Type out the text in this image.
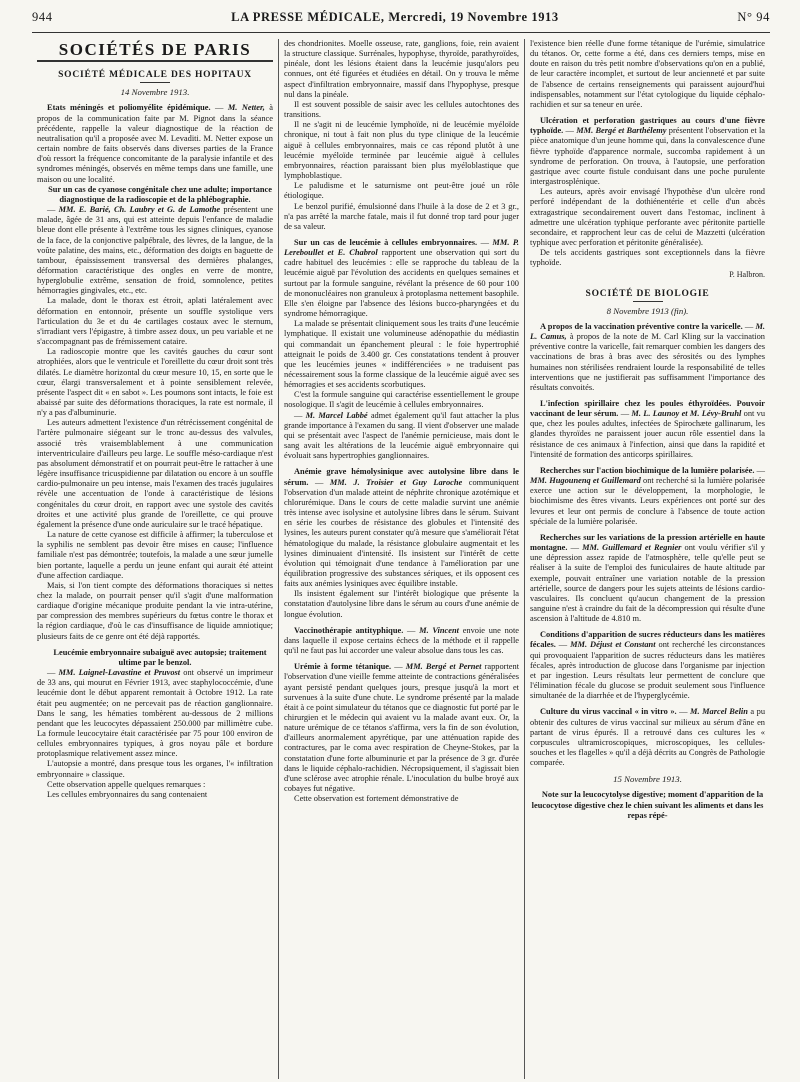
944	LA PRESSE MÉDICALE, Mercredi, 19 Novembre 1913	N° 94
SOCIÉTÉS DE PARIS
SOCIÉTÉ MÉDICALE DES HOPITAUX
14 Novembre 1913.

Etats méningés et poliomyélite épidémique. — M. Netter, à propos de la communication faite par M. Pignot dans la séance précédente, rappelle la valeur diagnostique de la réaction de neutralisation qu'il a proposée avec M. Levaditi. M. Netter expose un certain nombre de faits observés dans diverses parties de la France d'où ressort la fréquence concomitante de la paralysie infantile et des syndromes méningés, observés en même temps dans une famille, une maison ou une localité.

Sur un cas de cyanose congénitale chez une adulte; importance diagnostique de la radioscopie et de la phlébographie.

— MM. E. Barié, Ch. Laubry et G. de Lamothe présentent une malade, âgée de 31 ans, qui est atteinte depuis l'enfance de maladie bleue dont elle présente à l'extrême tous les signes cliniques, cyanose de la face, de la conjonctive palpébrale, des lèvres, de la langue, de la voûte palatine, des mains, etc., déformation des doigts en baguette de tambour, épaississement transversal des dernières phalanges, déformation caractéristique des ongles en verre de montre, hyperglobulie extrême, sensation de froid, somnolence, petites hémorragies gingivales, etc., etc.

La malade, dont le thorax est étroit, aplati latéralement avec déformation en entonnoir, présente un souffle systolique vers l'articulation du 3e et du 4e cartilages costaux avec le sternum, s'irradiant vers l'épigastre, à timbre assez doux, un peu variable et ne s'accompagnant pas de frémissement cataire.

La radioscopie montre que les cavités gauches du cœur sont atrophiées, alors que le ventricule et l'oreillette du cœur droit sont très dilatés. Le diamètre horizontal du cœur mesure 10, 15, en sorte que le cœur, élargi transversalement et à pointe sensiblement relevée, présente l'aspect dit « en sabot ». Les poumons sont intacts, le foie est abaissé par suite des déformations thoraciques, la rate est normale, il n'y a pas d'albuminurie.

Les auteurs admettent l'existence d'un rétrécissement congénital de l'artère pulmonaire siégeant sur le tronc au-dessus des valvules, associé très vraisemblablement à une communication interventriculaire d'ailleurs peu large. Le souffle méso-cardiaque n'est pas absolument démonstratif et on pourrait peut-être le rattacher à une légère insuffisance tricuspidienne par dilatation ou encore à un souffle cardio-pulmonaire un peu intense, mais l'examen des tracés jugulaires révèle une accentuation de l'onde à caractéristique de lésions congénitales du cœur droit, en rapport avec une systole des cavités droites et une activité plus grande de l'oreillette, ce qui prouve également la présence d'une onde auriculaire sur le tracé hépatique.

La nature de cette cyanose est difficile à affirmer; la tuberculose et la syphilis ne semblent pas devoir être mises en cause; l'influence familiale n'est pas démontrée; toutefois, la malade a une sœur jumelle bien portante, laquelle a perdu un jeune enfant qui aurait été atteint d'une affection cardiaque.

Mais, si l'on tient compte des déformations thoraciques si nettes chez la malade, on pourrait penser qu'il s'agit d'une malformation cardiaque d'origine mécanique produite pendant la vie intra-utérine, par compression des membres supérieurs du fœtus contre le thorax et la région cardiaque, d'où le cas d'insuffisance de liquide amniotique; plusieurs faits de ce genre ont été déjà rapportés.

Leucémie embryonnaire subaiguë avec autopsie; traitement ultime par le benzol.

— MM. Laignel-Lavastine et Pruvost ont observé un imprimeur de 33 ans, qui mourut en Février 1913, avec staphylococcémie, d'une leucémie dont le début apparent remontait à Octobre 1912. La rate était peu augmentée; on ne percevait pas de réaction ganglionnaire. Dans le sang, les hématies tombèrent au-dessous de 2 millions pendant que les leucocytes dépassaient 250.000 par millimètre cube. La formule leucocytaire était caractérisée par 75 pour 100 environ de cellules embryonnaires typiques, à gros noyau pâle et bordure protoplasmique relativement assez mince.

L'autopsie a montré, dans presque tous les organes, l'« infiltration embryonnaire » classique.

Cette observation appelle quelques remarques :

Les cellules embryonnaires du sang contenaient

des chondrionites. Moelle osseuse, rate, ganglions, foie, rein avaient la structure classique. Surrénales, hypophyse, thyroïde, parathyroïdes, pinéale, dont les lésions étaient dans la leucémie jusqu'alors peu connues, ont été figurées et étudiées en détail. On y trouva le même aspect d'infiltration embryonnaire, massif dans l'hypophyse, presque nul dans la pinéale.

Il est souvent possible de saisir avec les cellules autochtones des transitions.

Il ne s'agit ni de leucémie lymphoïde, ni de leucémie myéloïde chronique, ni tout à fait non plus du type clinique de la leucémie aiguë à cellules embryonnaires, mais ce cas répond plutôt à une leucémie myéloïde terminée par leucémie aiguë à cellules embryonnaires, réaction paraissant bien plus myéloblastique que lymphoblastique.

Le paludisme et le saturnisme ont peut-être joué un rôle étiologique.

Le benzol purifié, émulsionné dans l'huile à la dose de 2 et 3 gr., n'a pas arrêté la marche fatale, mais il fut donné trop tard pour juger de sa valeur.

Sur un cas de leucémie à cellules embryonnaires. — MM. P. Lereboullet et E. Chabrol rapportent une observation qui sort du cadre habituel des leucémies : elle se rapproche du tableau de la leucémie aiguë par l'évolution des accidents en quelques semaines et surtout par la formule sanguine, révélant la présence de 60 pour 100 de mononucléaires non granuleux à protoplasma nettement basophile. Elle s'en éloigne par l'absence des lésions bucco-pharyngées et du syndrome hémorragique.

La malade se présentait cliniquement sous les traits d'une leucémie lymphatique. Il existait une volumineuse adénopathie du médiastin qui commandait un épanchement pleural : le foie hypertrophié atteignait le poids de 3.400 gr. Ces constatations tendent à prouver que les leucémies jeunes « indifférenciées » ne traduisent pas nécessairement sous la forme classique de la leucémie aiguë avec ses hémorragies et ses accidents scorbutiques.

C'est la formule sanguine qui caractérise essentiellement le groupe nosologique. Il s'agit de leucémie à cellules embryonnaires.

— M. Marcel Labbé admet également qu'il faut attacher la plus grande importance à l'examen du sang. Il vient d'observer une malade qui se présentait avec l'aspect de l'anémie pernicieuse, mais dont le sang avait les altérations de la leucémie aiguë embryonnaire qui évoluait sans hypertrophies ganglionnaires.

Anémie grave hémolysinique avec autolysine libre dans le sérum. — MM. J. Troisier et Guy Laroche communiquent l'observation d'un malade atteint de néphrite chronique azotémique et chlorurémique. Dans le cours de cette maladie survint une anémie très intense avec isolysine et autolysine libres dans le sérum. Suivant en série les courbes de résistance des globules et l'intensité des lysines, les auteurs purent constater qu'à mesure que s'améliorait l'état hématologique du malade, la résistance globulaire augmentait et les lysines diminuaient d'intensité. Ils insistent sur l'intérêt de cette évolution qui témoignait d'une tendance à l'amélioration par une équilibration progressive des substances sériques, et ils opposent ces faits aux anémies lysiniques avec équilibre instable.

Ils insistent également sur l'intérêt biologique que présente la constatation d'autolysine libre dans le sérum au cours d'une anémie de longue évolution.

Vaccinothérapie antityphique. — M. Vincent envoie une note dans laquelle il expose certains échecs de la méthode et il rappelle qu'il ne faut pas lui accorder une valeur absolue dans tous les cas.

Urémie à forme tétanique. — MM. Bergé et Pernet rapportent l'observation d'une vieille femme atteinte de contractions généralisées ayant persisté pendant quelques jours, presque jusqu'à la mort et survenues à la suite d'une chute. Le syndrome présenté par la malade était à ce point simulateur du tétanos que ce diagnostic fut porté par le chirurgien et le médecin qui avaient vu la malade avant eux. Or, la nature urémique de ce tétanos s'affirma, vers la fin de son évolution, d'ailleurs anormalement apyrétique, par une atténuation rapide des contractures, par le coma avec respiration de Cheyne-Stokes, par la constatation d'une forte albuminurie et par la présence de 3 gr. d'urée dans le liquide céphalo-rachidien. Nécropsiquement, il s'agissait bien d'une sclérose avec atrophie rénale. L'inoculation du bulbe broyé aux cobayes fut négative.

Cette observation est fortement démonstrative de

l'existence bien réelle d'une forme tétanique de l'urémie, simulatrice du tétanos. Or, cette forme a été, dans ces derniers temps, mise en doute en raison du très petit nombre d'observations qu'on en a publié, de leur caractère incomplet, et surtout de leur ancienneté et par suite de l'absence de certains renseignements qui paraissent aujourd'hui indispensables, notamment sur l'état cytologique du liquide céphalo-rachidien et sur sa teneur en urée.

Ulcération et perforation gastriques au cours d'une fièvre typhoïde. — MM. Bergé et Barthélemy présentent l'observation et la pièce anatomique d'un jeune homme qui, dans la convalescence d'une fièvre typhoïde d'apparence normale, succomba rapidement à un syndrome de perforation. On trouva, à l'autopsie, une perforation gastrique avec courte fistule conduisant dans une poche purulente intergastrosplénique.

Les auteurs, après avoir envisagé l'hypothèse d'un ulcère rond perforé indépendant de la dothiénentérie et celle d'un abcès extragastrique secondairement ouvert dans l'estomac, inclinent à admettre une ulcération typhique perforante avec péritonite partielle secondaire, et rapprochent leur cas de celui de Mazzetti (ulcération typhique avec perforation et péritonite généralisée).

De tels accidents gastriques sont exceptionnels dans la fièvre typhoïde.

P. Halbron.
SOCIÉTÉ DE BIOLOGIE
8 Novembre 1913 (fin).

A propos de la vaccination préventive contre la varicelle. — M. L. Camus, à propos de la note de M. Carl Kling sur la vaccination préventive contre la varicelle, fait remarquer combien les dangers des vaccinations de bras à bras avec des sérosités ou des lymphes humaines non stérilisées rendraient lourde la responsabilité de telles interventions que ne justifierait pas suffisamment l'importance des résultats convoités.

L'infection spirillaire chez les poules éthyroïdées. Pouvoir vaccinant de leur sérum. — M. L. Launoy et M. Lévy-Bruhl ont vu que, chez les poules adultes, infectées de Spirochæte gallinarum, les glandes thyroïdes ne paraissent jouer aucun rôle essentiel dans la résistance de ces animaux à l'infection, ainsi que dans la rapidité et l'intensité de formation des anticorps spirillaires.

Recherches sur l'action biochimique de la lumière polarisée. — MM. Hugounenq et Guillemard ont recherché si la lumière polarisée exerce une action sur le développement, la morphologie, le biochimisme des êtres vivants. Leurs expériences ont porté sur des levures et leur ont permis de conclure à l'absence de toute action spéciale de la lumière polarisée.

Recherches sur les variations de la pression artérielle en haute montagne. — MM. Guillemard et Regnier ont voulu vérifier s'il y une dépression assez rapide de l'atmosphère, telle qu'elle peut se réaliser à la suite de l'emploi des funiculaires de haute altitude par exemple, pouvait entraîner une variation notable de la pression artérielle, source de dangers pour les sujets atteints de lésions cardio-vasculaires. Ils concluent qu'aucun changement de la pression sanguine n'est à craindre du fait de la décompression qui résulte d'une ascension à l'altitude de 4.810 m.

Conditions d'apparition de sucres réducteurs dans les matières fécales. — MM. Déjust et Constant ont recherché les circonstances qui provoquaient l'apparition de sucres réducteurs dans les matières fécales, après introduction de glucose dans l'organisme par injection et par ingestion. Leurs résultats leur permettent de conclure que l'élimination fécale du glucose se produit seulement sous l'influence simultanée de la diarrhée et de l'hyperglycémie.

Culture du virus vaccinal « in vitro ». — M. Marcel Belin a pu obtenir des cultures de virus vaccinal sur milieux au sérum d'âne en partant de virus épurés. Il a retrouvé dans ces cultures les « corpuscules ultramicroscopiques, microscopiques, les cellules-souches et les flagelles » qu'il a déjà décrits au Congrès de Pathologie comparée.

15 Novembre 1913.

Note sur la leucocytolyse digestive; moment d'apparition de la leucocytose digestive chez le chien suivant les aliments et dans les repas répé-
